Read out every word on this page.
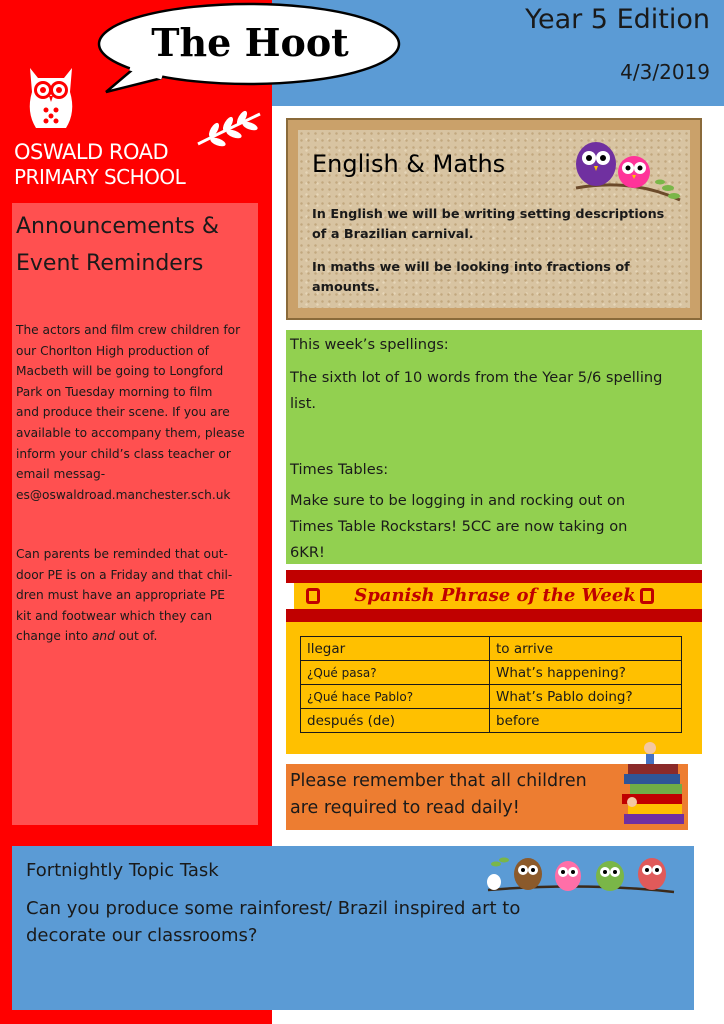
The Hoot
Year 5 Edition
4/3/2019
OSWALD ROAD
PRIMARY SCHOOL
Announcements &
Event Reminders
The actors and film crew children for
our Chorlton High production of
Macbeth will be going to Longford
Park on Tuesday morning to film
and produce their scene. If you are
available to accompany them, please
inform your child’s class teacher or
email messag-
es@oswaldroad.manchester.sch.uk
Can parents be reminded that out-
door PE is on a Friday and that chil-
dren must have an appropriate PE
kit and footwear which they can
change into and out of.
English & Maths
In English we will be writing setting descriptions
of a Brazilian carnival.
In maths we will be looking into fractions of
amounts.
This week’s spellings:
The sixth lot of 10 words from the Year 5/6 spelling
list.
Times Tables:
Make sure to be logging in and rocking out on
Times Table Rockstars! 5CC are now taking on
6KR!
Spanish Phrase of the Week
llegar	to arrive
¿Qué pasa?	What’s happening?
¿Qué hace Pablo?	What’s Pablo doing?
después (de)	before
Please remember that all children
are required to read daily!
Fortnightly Topic Task
Can you produce some rainforest/ Brazil inspired art to
decorate our classrooms?
